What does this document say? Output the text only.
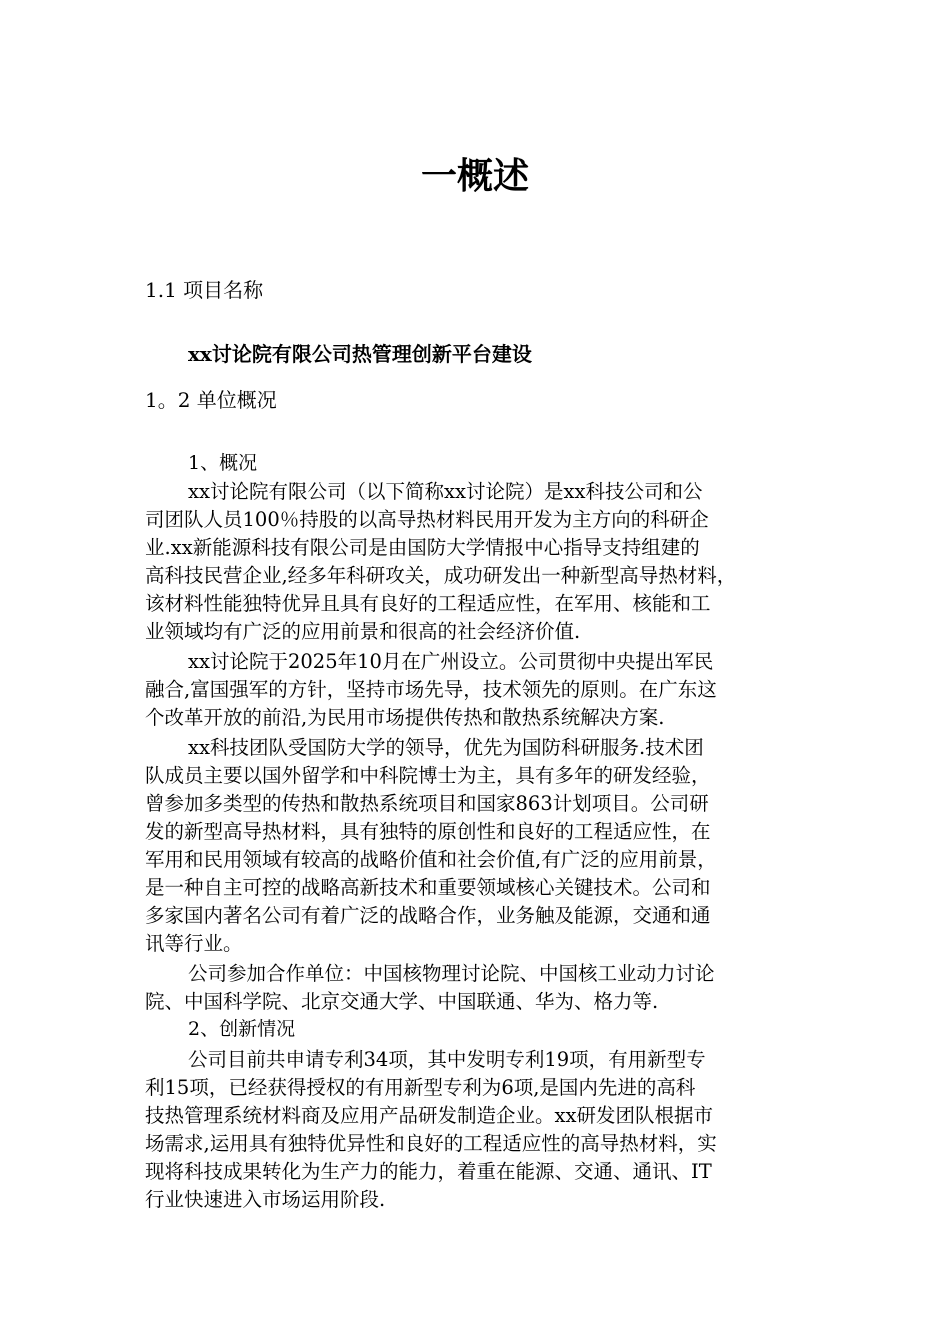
一概述
1.1 项目名称
xx讨论院有限公司热管理创新平台建设
1。2 单位概况
1、概况
xx讨论院有限公司（以下简称xx讨论院）是xx科技公司和公
司团队人员100％持股的以高导热材料民用开发为主方向的科研企
业.xx新能源科技有限公司是由国防大学情报中心指导支持组建的
高科技民营企业,经多年科研攻关，成功研发出一种新型高导热材料，
该材料性能独特优异且具有良好的工程适应性，在军用、核能和工
业领域均有广泛的应用前景和很高的社会经济价值.
xx讨论院于2025年10月在广州设立。公司贯彻中央提出军民
融合,富国强军的方针，坚持市场先导，技术领先的原则。在广东这
个改革开放的前沿,为民用市场提供传热和散热系统解决方案.
xx科技团队受国防大学的领导，优先为国防科研服务.技术团
队成员主要以国外留学和中科院博士为主，具有多年的研发经验，
曾参加多类型的传热和散热系统项目和国家863计划项目。公司研
发的新型高导热材料，具有独特的原创性和良好的工程适应性，在
军用和民用领域有较高的战略价值和社会价值,有广泛的应用前景，
是一种自主可控的战略高新技术和重要领域核心关键技术。公司和
多家国内著名公司有着广泛的战略合作，业务触及能源，交通和通
讯等行业。
公司参加合作单位：中国核物理讨论院、中国核工业动力讨论
院、中国科学院、北京交通大学、中国联通、华为、格力等.
2、创新情况
公司目前共申请专利34项，其中发明专利19项，有用新型专
利15项，已经获得授权的有用新型专利为6项,是国内先进的高科
技热管理系统材料商及应用产品研发制造企业。xx研发团队根据市
场需求,运用具有独特优异性和良好的工程适应性的高导热材料，实
现将科技成果转化为生产力的能力，着重在能源、交通、通讯、IT
行业快速进入市场运用阶段.
